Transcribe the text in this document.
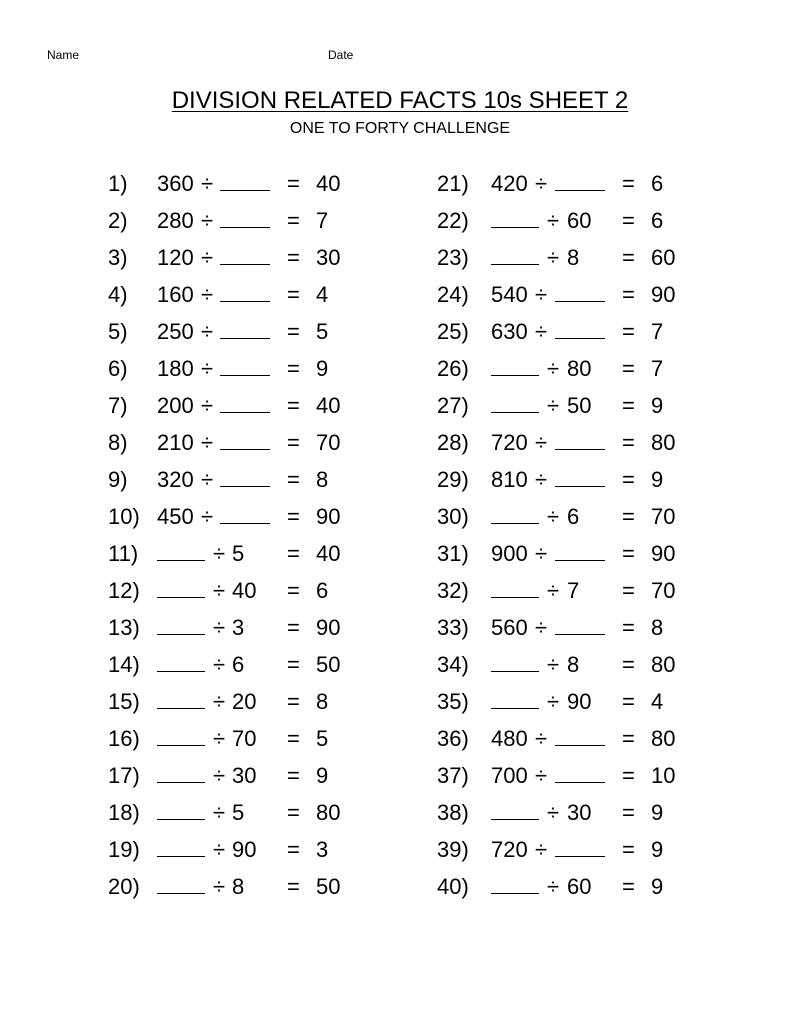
Name	Date
DIVISION RELATED FACTS 10s SHEET 2
ONE TO FORTY CHALLENGE
1) 360 ÷	= 40
2) 280 ÷	= 7
3) 120 ÷	= 30
4) 160 ÷	= 4
5) 250 ÷	= 5
6) 180 ÷	= 9
7) 200 ÷	= 40
8) 210 ÷	= 70
9) 320 ÷	= 8
10) 450 ÷	= 90
11)	÷ 5 = 40
12)	÷ 40 = 6
13)	÷ 3 = 90
14)	÷ 6 = 50
15)	÷ 20 = 8
16)	÷ 70 = 5
17)	÷ 30 = 9
18)	÷ 5 = 80
19)	÷ 90 = 3
20)	÷ 8 = 50
21) 420 ÷	= 6
22)	÷ 60 = 6
23)	÷ 8 = 60
24) 540 ÷	= 90
25) 630 ÷	= 7
26)	÷ 80 = 7
27)	÷ 50 = 9
28) 720 ÷	= 80
29) 810 ÷	= 9
30)	÷ 6 = 70
31) 900 ÷	= 90
32)	÷ 7 = 70
33) 560 ÷	= 8
34)	÷ 8 = 80
35)	÷ 90 = 4
36) 480 ÷	= 80
37) 700 ÷	= 10
38)	÷ 30 = 9
39) 720 ÷	= 9
40)	÷ 60 = 9
